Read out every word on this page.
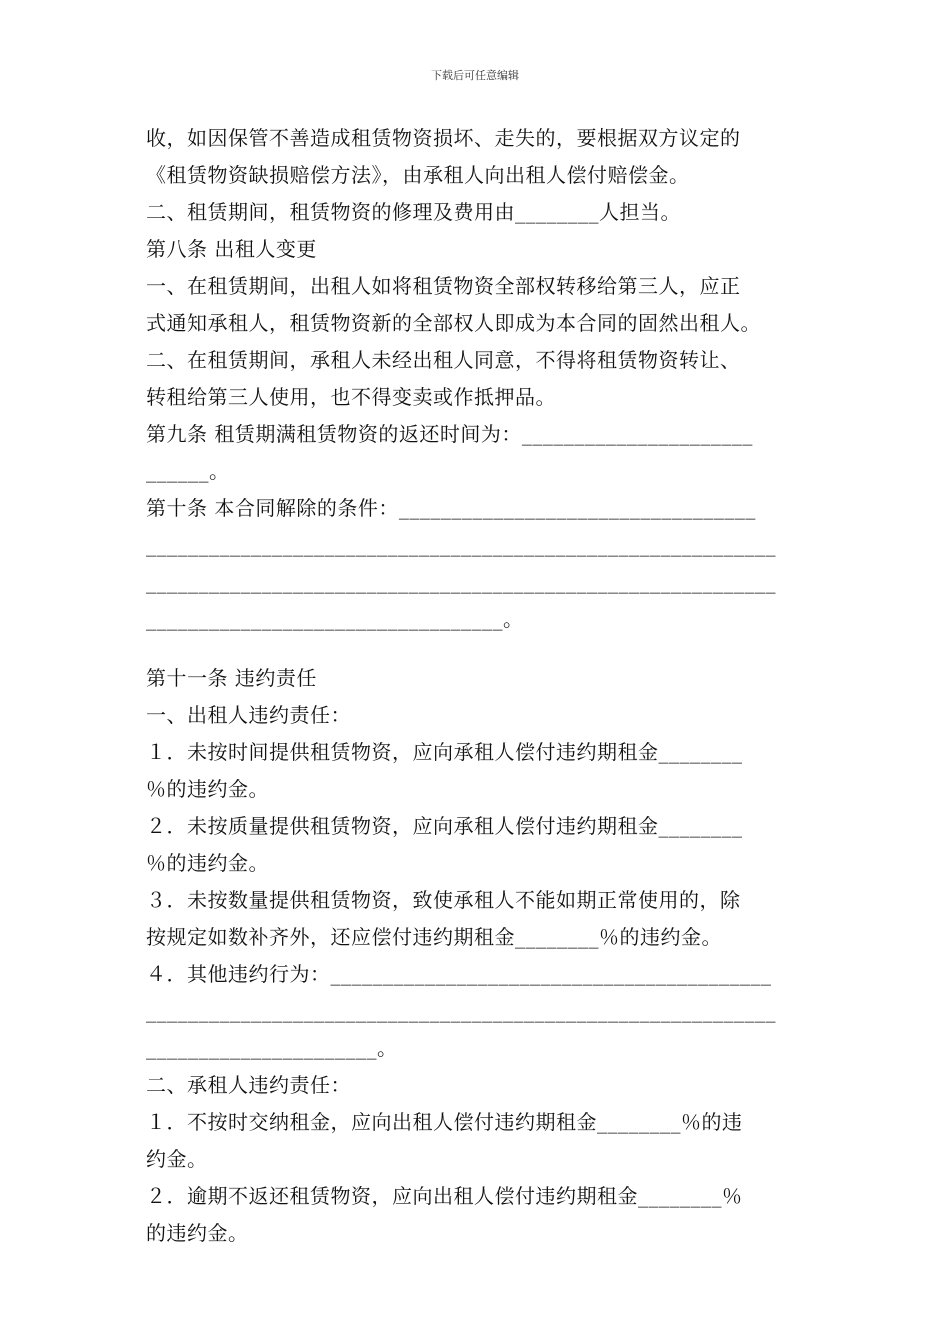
下载后可任意编辑
收，如因保管不善造成租赁物资损坏、走失的，要根据双方议定的
《租赁物资缺损赔偿方法》，由承租人向出租人偿付赔偿金。
二、租赁期间，租赁物资的修理及费用由________人担当。
第八条 出租人变更
一、在租赁期间，出租人如将租赁物资全部权转移给第三人，应正
式通知承租人，租赁物资新的全部权人即成为本合同的固然出租人。
二、在租赁期间，承租人未经出租人同意，不得将租赁物资转让、
转租给第三人使用，也不得变卖或作抵押品。
第九条 租赁期满租赁物资的返还时间为：______________________
______。
第十条 本合同解除的条件：__________________________________
____________________________________________________________
____________________________________________________________
__________________________________。
第十一条 违约责任
一、出租人违约责任：
１．未按时间提供租赁物资，应向承租人偿付违约期租金________
％的违约金。
２．未按质量提供租赁物资，应向承租人偿付违约期租金________
％的违约金。
３．未按数量提供租赁物资，致使承租人不能如期正常使用的，除
按规定如数补齐外，还应偿付违约期租金________％的违约金。
４．其他违约行为：__________________________________________
____________________________________________________________
______________________。
二、承租人违约责任：
１．不按时交纳租金，应向出租人偿付违约期租金________％的违
约金。
２．逾期不返还租赁物资，应向出租人偿付违约期租金________％
的违约金。
